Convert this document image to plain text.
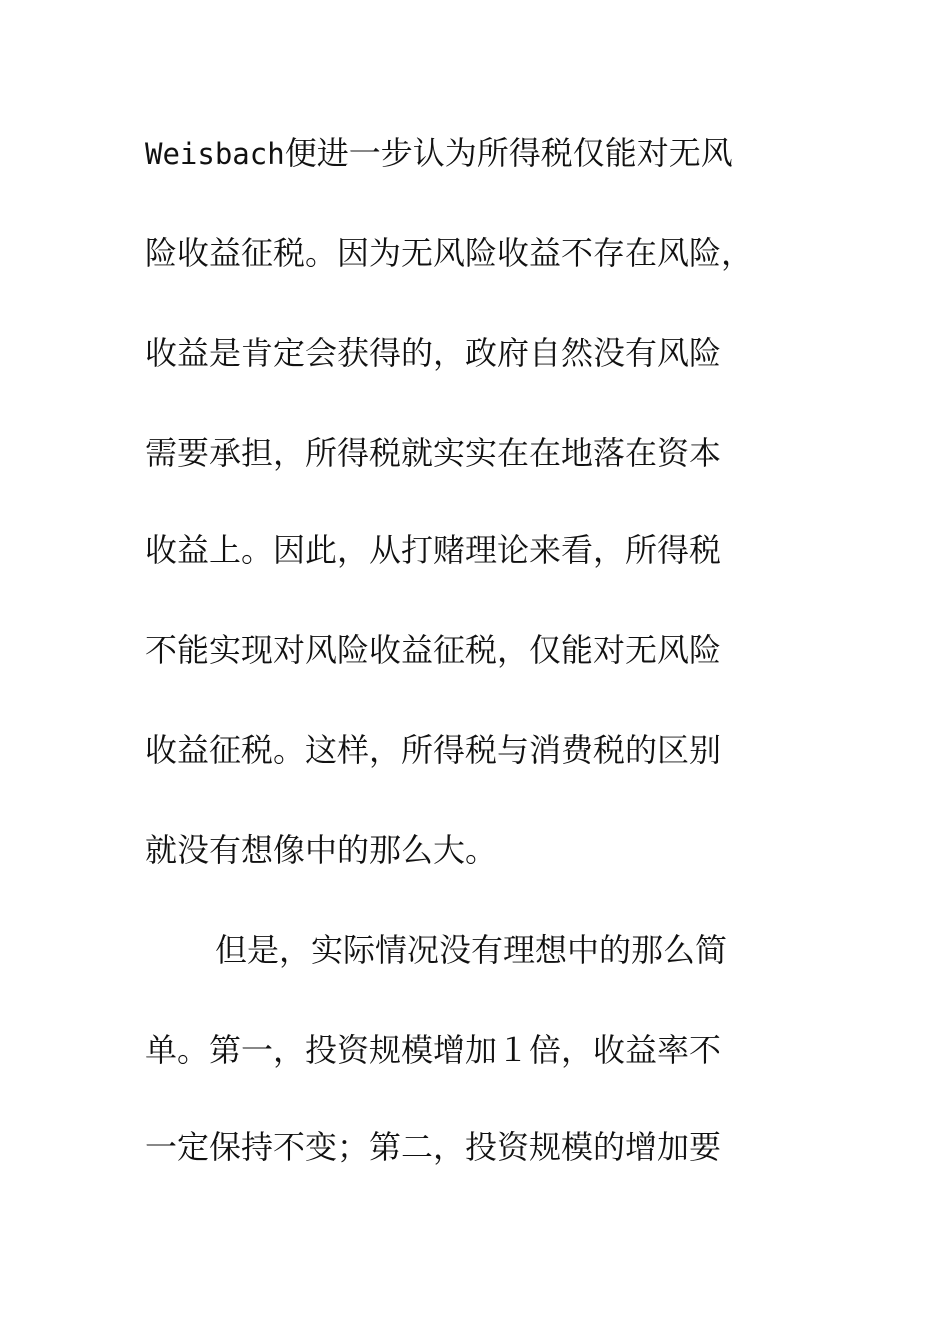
Weisbach便进一步认为所得税仅能对无风
险收益征税。因为无风险收益不存在风险，
收益是肯定会获得的，政府自然没有风险
需要承担，所得税就实实在在地落在资本
收益上。因此，从打赌理论来看，所得税
不能实现对风险收益征税，仅能对无风险
收益征税。这样，所得税与消费税的区别
就没有想像中的那么大。
但是，实际情况没有理想中的那么简
单。第一，投资规模增加１倍，收益率不
一定保持不变；第二，投资规模的增加要
